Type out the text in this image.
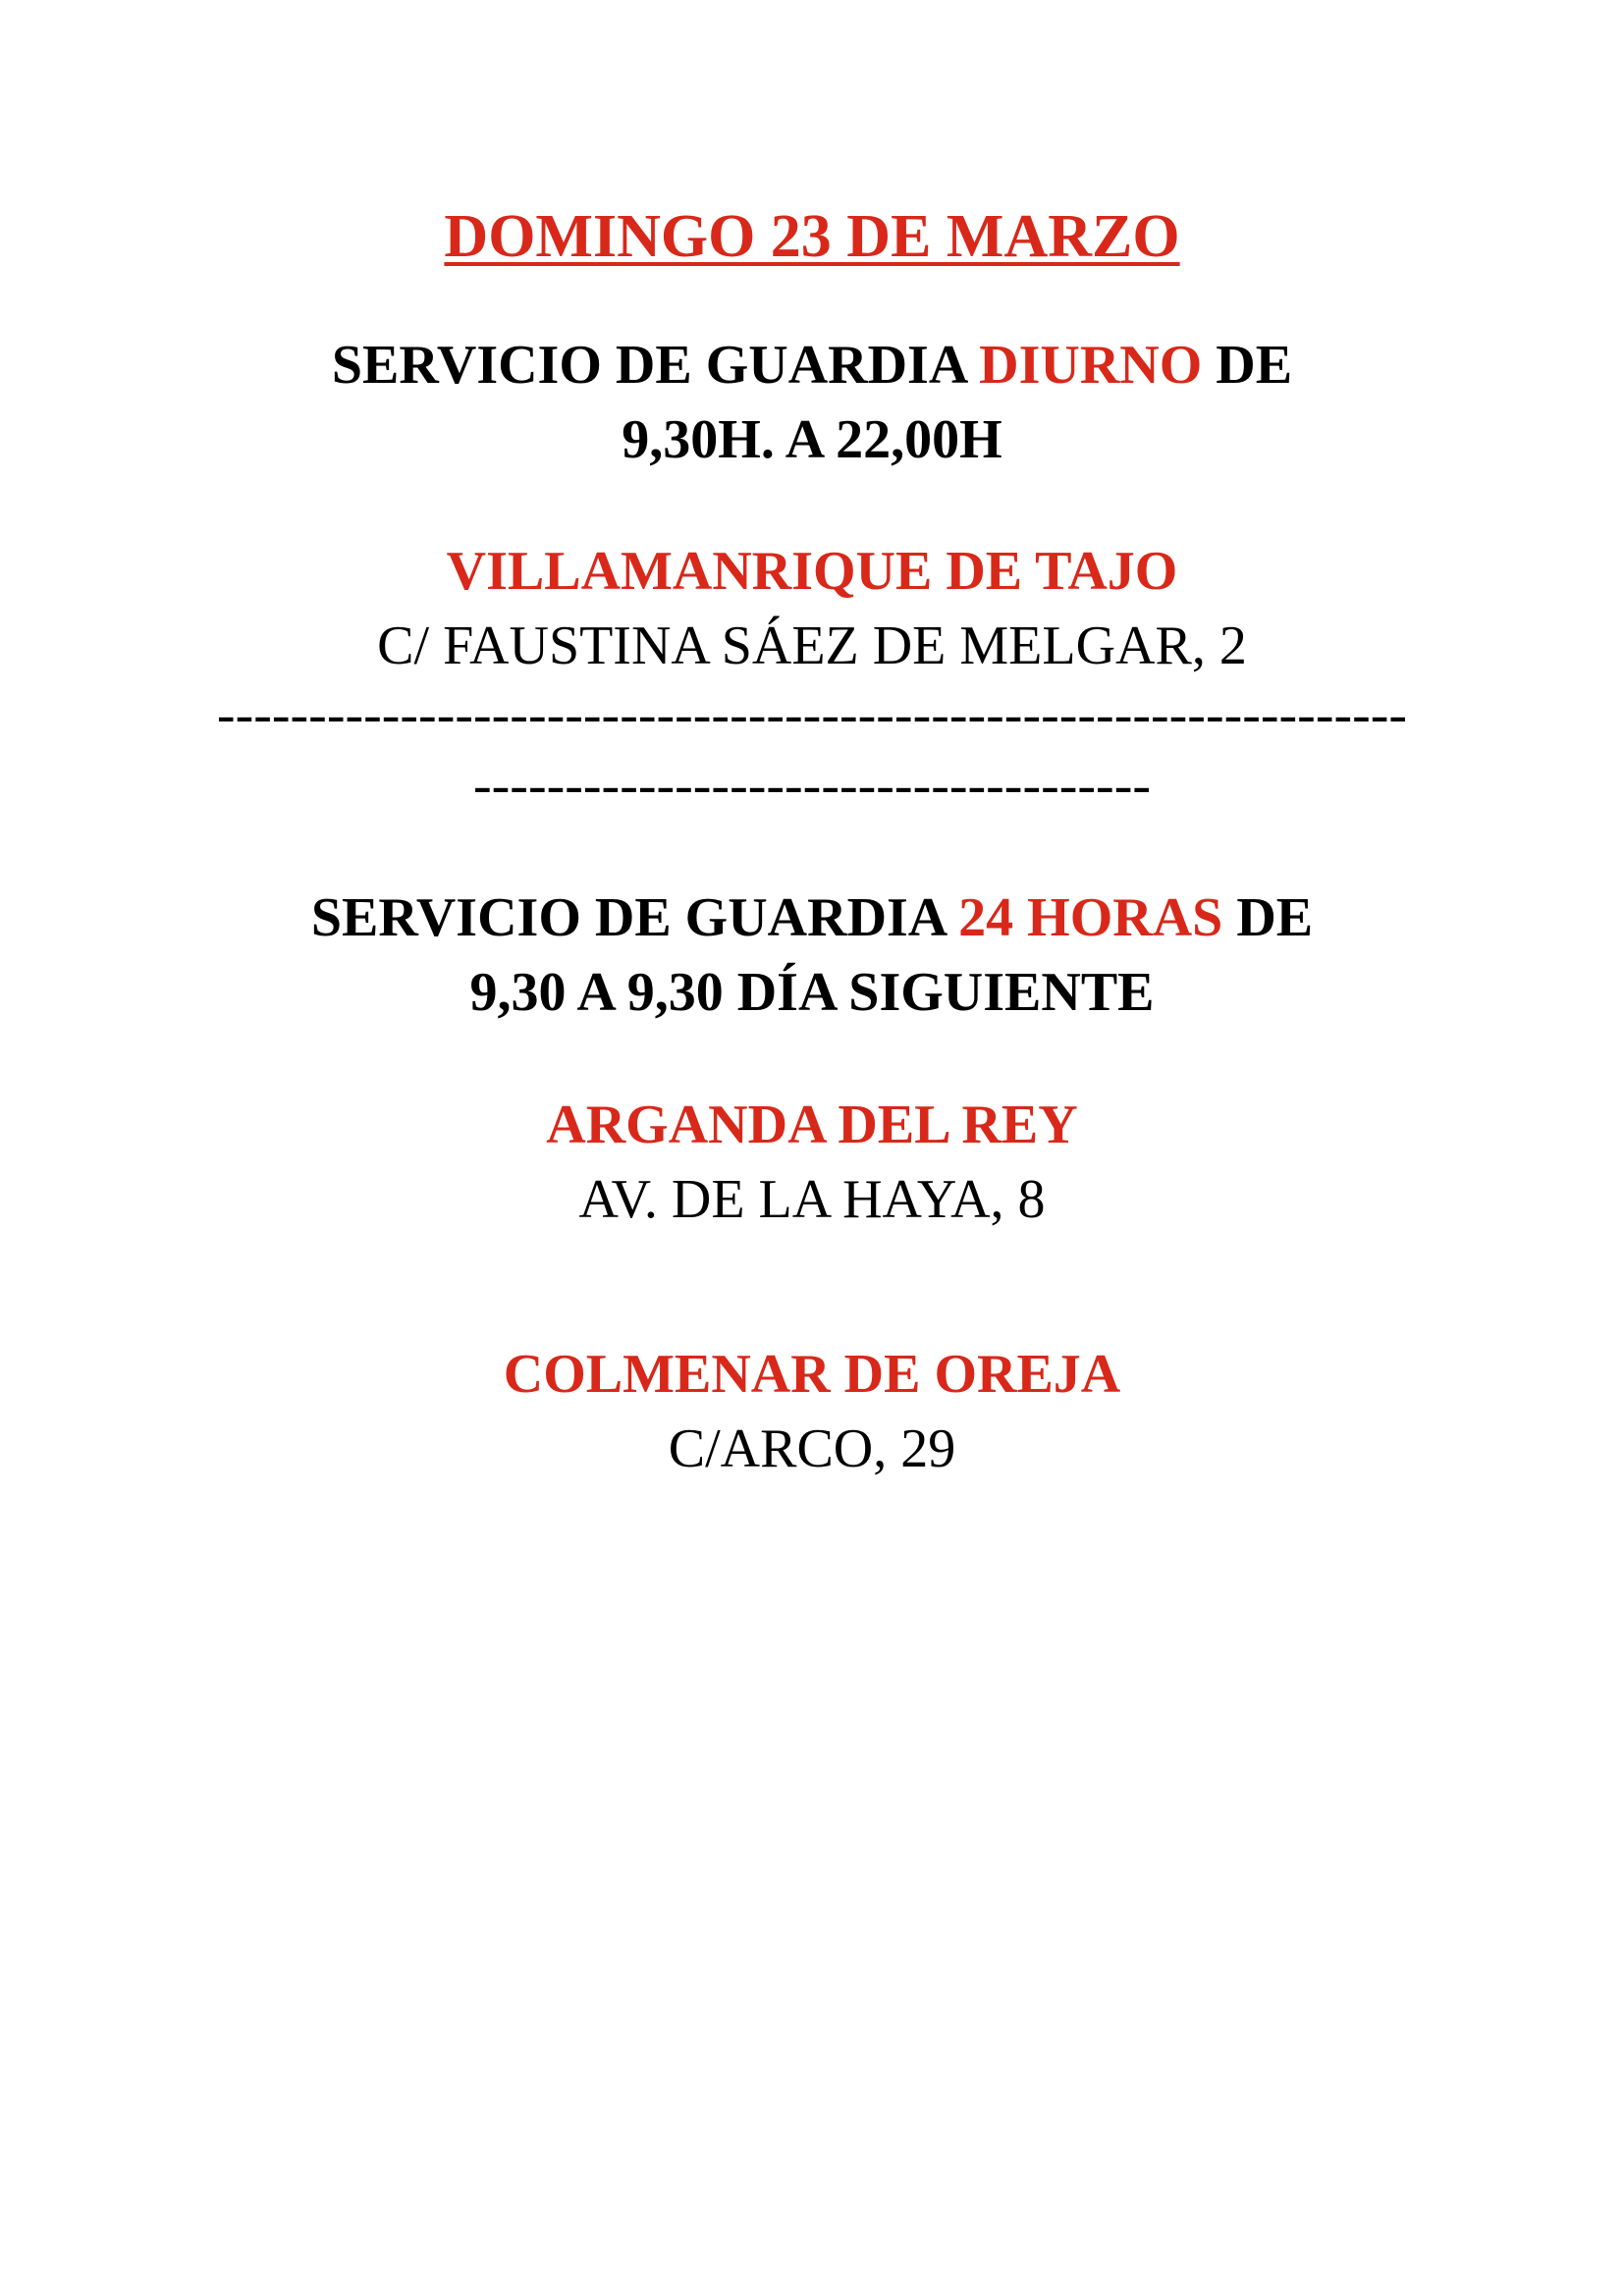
DOMINGO 23 DE MARZO
SERVICIO DE GUARDIA DIURNO DE
9,30H. A 22,00H
VILLAMANRIQUE DE TAJO
C/ FAUSTINA SÁEZ DE MELGAR, 2
-----------------------------------------------------------------
-------------------------------------
SERVICIO DE GUARDIA 24 HORAS DE
9,30 A 9,30 DÍA SIGUIENTE
ARGANDA DEL REY
AV. DE LA HAYA, 8
COLMENAR DE OREJA
C/ARCO, 29
